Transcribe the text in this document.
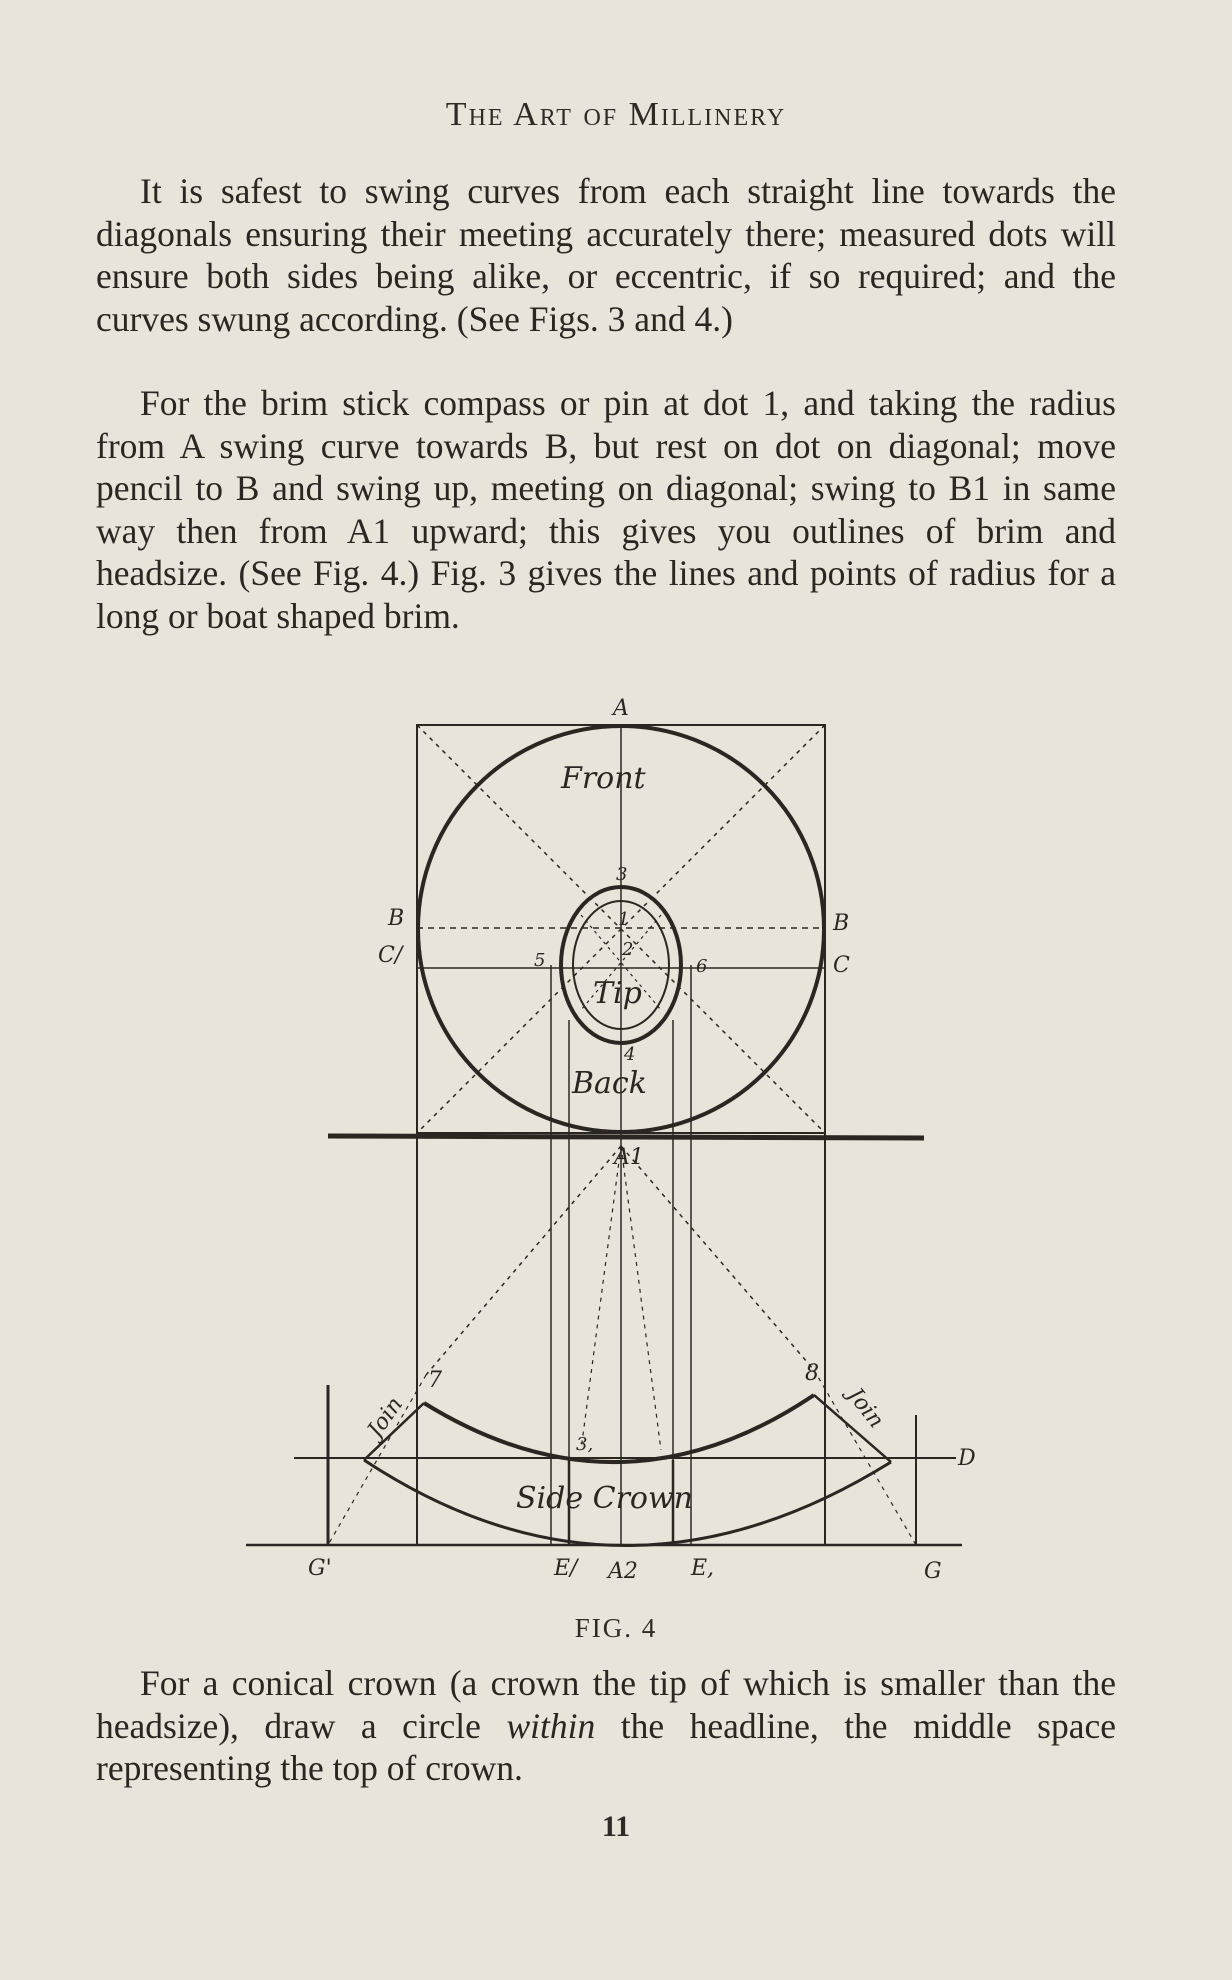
The Art of Millinery

It is safest to swing curves from each straight line towards the diagonals ensuring their meeting accurately there; measured dots will ensure both sides being alike, or eccentric, if so required; and the curves swung according. (See Figs. 3 and 4.)

For the brim stick compass or pin at dot 1, and taking the radius from A swing curve towards B, but rest on dot on diagonal; move pencil to B and swing up, meeting on diagonal; swing to B1 in same way then from A1 upward; this gives you outlines of brim and headsize. (See Fig. 4.) Fig. 3 gives the lines and points of radius for a long or boat shaped brim.

A
Front
3
B
C/
B
C
1
2
5	6
Tip
4
Back
A1
7	8
Join	Join
3,
Side Crown
D
G'	E/ A2 E,	G
FIG. 4

For a conical crown (a crown the tip of which is smaller than the headsize), draw a circle within the headline, the middle space representing the top of crown.

11
